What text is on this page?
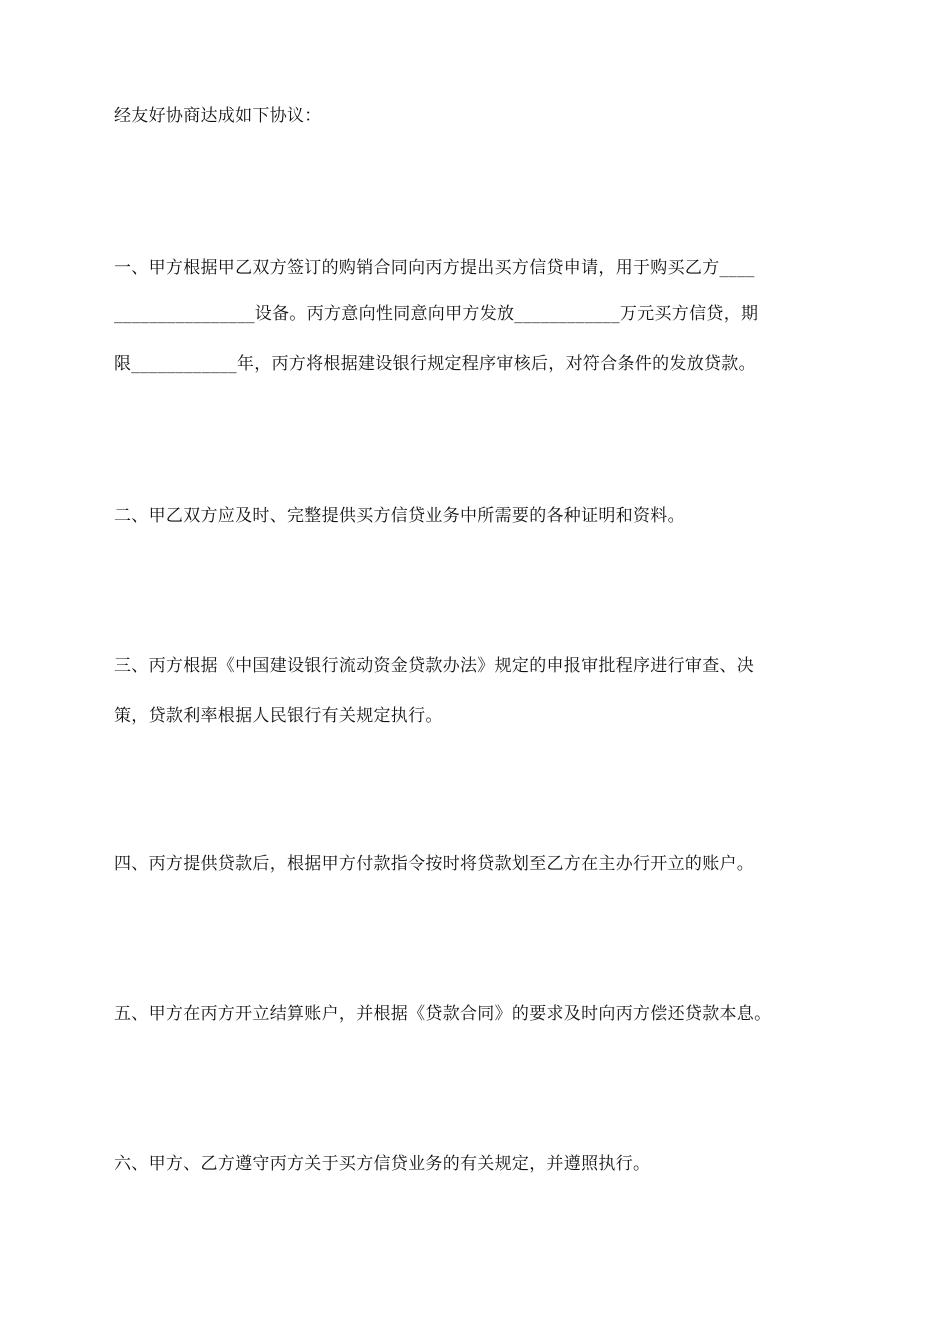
经友好协商达成如下协议：
一、甲方根据甲乙双方签订的购销合同向丙方提出买方信贷申请，用于购买乙方____
________________设备。丙方意向性同意向甲方发放____________万元买方信贷，期
限____________年，丙方将根据建设银行规定程序审核后，对符合条件的发放贷款。
二、甲乙双方应及时、完整提供买方信贷业务中所需要的各种证明和资料。
三、丙方根据《中国建设银行流动资金贷款办法》规定的申报审批程序进行审查、决
策，贷款利率根据人民银行有关规定执行。
四、丙方提供贷款后，根据甲方付款指令按时将贷款划至乙方在主办行开立的账户。
五、甲方在丙方开立结算账户，并根据《贷款合同》的要求及时向丙方偿还贷款本息。
六、甲方、乙方遵守丙方关于买方信贷业务的有关规定，并遵照执行。
